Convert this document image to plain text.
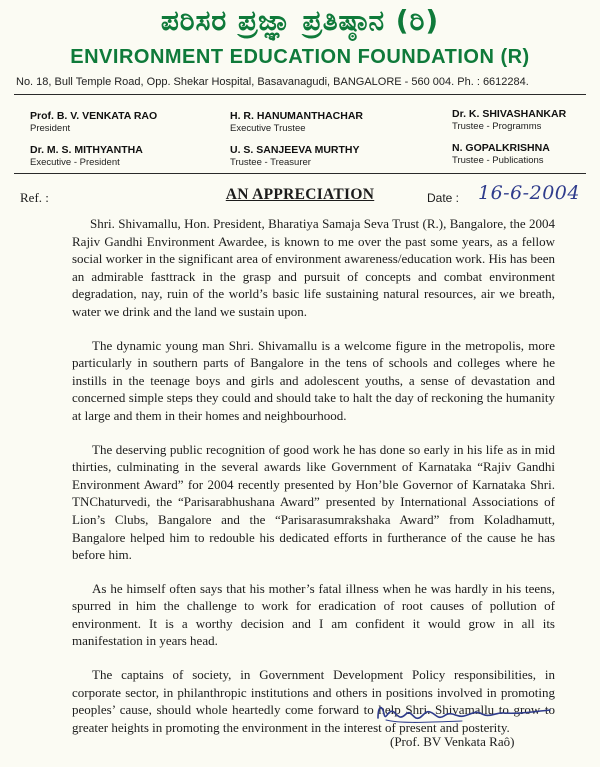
ಪರಿಸರ ಪ್ರಜ್ಞಾ ಪ್ರತಿಷ್ಠಾನ (ರಿ)
ENVIRONMENT EDUCATION FOUNDATION (R)
No. 18, Bull Temple Road, Opp. Shekar Hospital, Basavanagudi, BANGALORE - 560 004. Ph. : 6612284.
Prof. B. V. VENKATA RAO
President
H. R. HANUMANTHACHAR
Executive Trustee
Dr. K. SHIVASHANKAR
Trustee - Programms
Dr. M. S. MITHYANTHA
Executive - President
U. S. SANJEEVA MURTHY
Trustee - Treasurer
N. GOPALKRISHNA
Trustee - Publications
Ref. :	AN APPRECIATION	Date : 16-6-2004

Shri. Shivamallu, Hon. President, Bharatiya Samaja Seva Trust (R.), Bangalore, the 2004 Rajiv Gandhi Environment Awardee, is known to me over the past some years, as a fellow social worker in the significant area of environment awareness/education work. His has been an admirable fasttrack in the grasp and pursuit of concepts and combat environment degradation, nay, ruin of the world’s basic life sustaining natural resources, air we breath, water we drink and the land we sustain upon.

The dynamic young man Shri. Shivamallu is a welcome figure in the metropolis, more particularly in southern parts of Bangalore in the tens of schools and colleges where he instills in the teenage boys and girls and adolescent youths, a sense of devastation and concerned simple steps they could and should take to halt the day of reckoning the humanity at large and them in their homes and neighbourhood.

The deserving public recognition of good work he has done so early in his life as in mid thirties, culminating in the several awards like Government of Karnataka “Rajiv Gandhi Environment Award” for 2004 recently presented by Hon’ble Governor of Karnataka Shri. TNChaturvedi, the “Parisarabhushana Award” presented by International Associations of Lion’s Clubs, Bangalore and the “Parisarasumrakshaka Award” from Koladhamutt, Bangalore helped him to redouble his dedicated efforts in furtherance of the cause he has before him.

As he himself often says that his mother’s fatal illness when he was hardly in his teens, spurred in him the challenge to work for eradication of root causes of pollution of environment. It is a worthy decision and I am confident it would grow in all its manifestation in years head.

The captains of society, in Government Development Policy responsibilities, in corporate sector, in philanthropic institutions and others in positions involved in promoting peoples’ cause, should whole heartedly come forward to help Shri. Shivamallu to grow to greater heights in promoting the environment in the interest of present and posterity.

(Prof. BV Venkata Raô)
